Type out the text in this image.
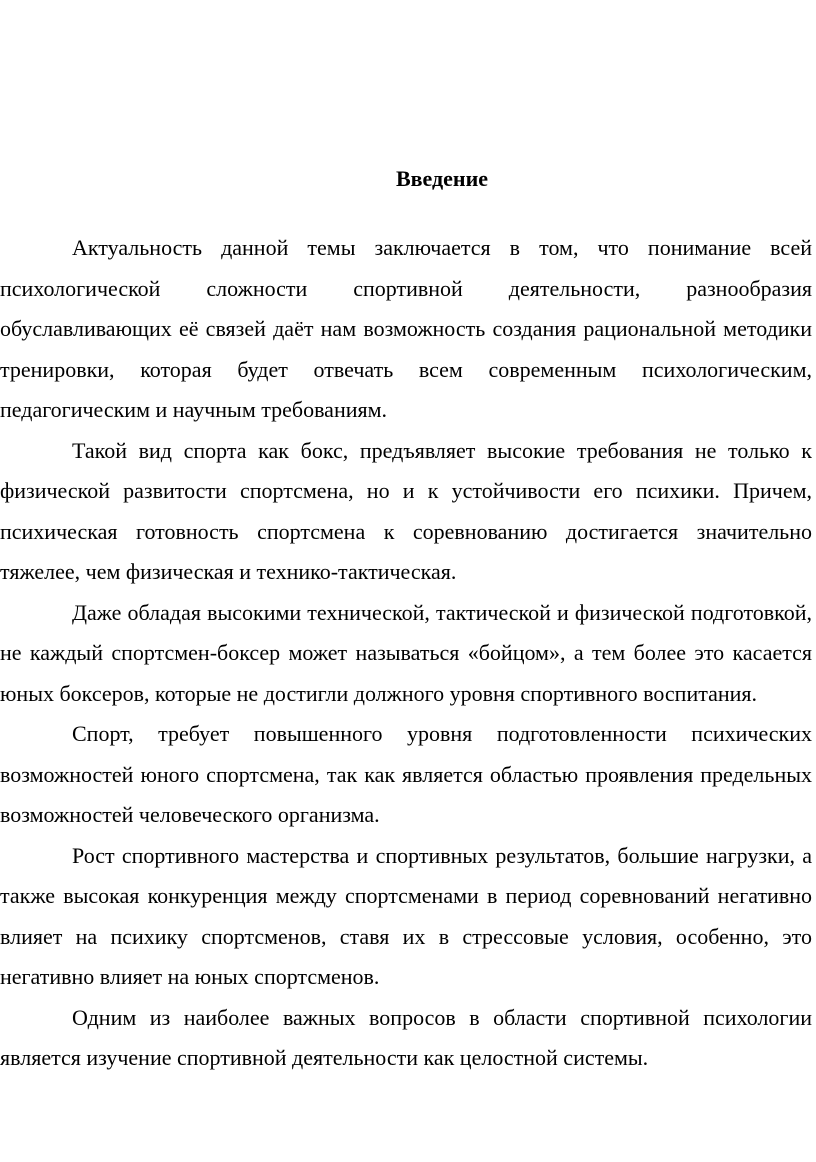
Введение

Актуальность данной темы заключается в том, что понимание всей психологической сложности спортивной деятельности, разнообразия обуславливающих её связей даёт нам возможность создания рациональной методики тренировки, которая будет отвечать всем современным психологическим, педагогическим и научным требованиям.

Такой вид спорта как бокс, предъявляет высокие требования не только к физической развитости спортсмена, но и к устойчивости его психики. Причем, психическая готовность спортсмена к соревнованию достигается значительно тяжелее, чем физическая и технико-тактическая.

Даже обладая высокими технической, тактической и физической подготовкой, не каждый спортсмен-боксер может называться «бойцом», а тем более это касается юных боксеров, которые не достигли должного уровня спортивного воспитания.

Спорт, требует повышенного уровня подготовленности психических возможностей юного спортсмена, так как является областью проявления предельных возможностей человеческого организма.

Рост спортивного мастерства и спортивных результатов, большие нагрузки, а также высокая конкуренция между спортсменами в период соревнований негативно влияет на психику спортсменов, ставя их в стрессовые условия, особенно, это негативно влияет на юных спортсменов.

Одним из наиболее важных вопросов в области спортивной психологии является изучение спортивной деятельности как целостной системы.
